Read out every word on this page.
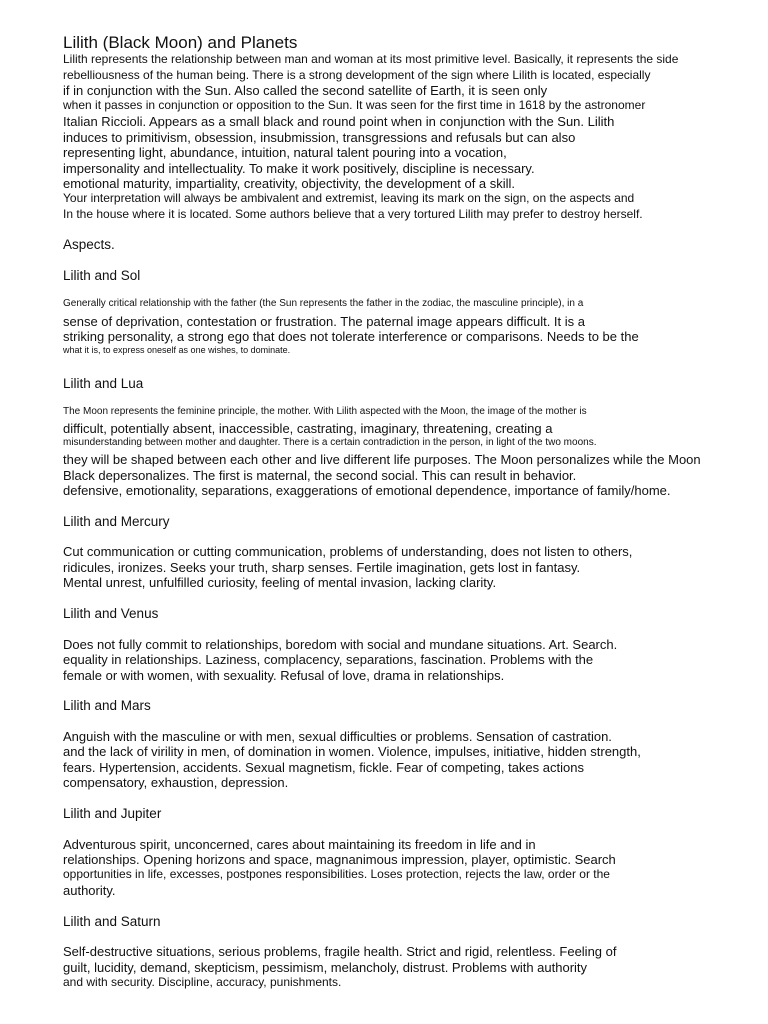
Lilith (Black Moon) and Planets
Lilith represents the relationship between man and woman at its most primitive level. Basically, it represents the side
rebelliousness of the human being. There is a strong development of the sign where Lilith is located, especially
if in conjunction with the Sun. Also called the second satellite of Earth, it is seen only
when it passes in conjunction or opposition to the Sun. It was seen for the first time in 1618 by the astronomer
Italian Riccioli. Appears as a small black and round point when in conjunction with the Sun. Lilith
induces to primitivism, obsession, insubmission, transgressions and refusals but can also
representing light, abundance, intuition, natural talent pouring into a vocation,
impersonality and intellectuality. To make it work positively, discipline is necessary.
emotional maturity, impartiality, creativity, objectivity, the development of a skill.
Your interpretation will always be ambivalent and extremist, leaving its mark on the sign, on the aspects and
In the house where it is located. Some authors believe that a very tortured Lilith may prefer to destroy herself.
Aspects.
Lilith and Sol
Generally critical relationship with the father (the Sun represents the father in the zodiac, the masculine principle), in a
sense of deprivation, contestation or frustration. The paternal image appears difficult. It is a
striking personality, a strong ego that does not tolerate interference or comparisons. Needs to be the
what it is, to express oneself as one wishes, to dominate.
Lilith and Lua
The Moon represents the feminine principle, the mother. With Lilith aspected with the Moon, the image of the mother is
difficult, potentially absent, inaccessible, castrating, imaginary, threatening, creating a
misunderstanding between mother and daughter. There is a certain contradiction in the person, in light of the two moons.
they will be shaped between each other and live different life purposes. The Moon personalizes while the Moon
Black depersonalizes. The first is maternal, the second social. This can result in behavior.
defensive, emotionality, separations, exaggerations of emotional dependence, importance of family/home.
Lilith and Mercury
Cut communication or cutting communication, problems of understanding, does not listen to others,
ridicules, ironizes. Seeks your truth, sharp senses. Fertile imagination, gets lost in fantasy.
Mental unrest, unfulfilled curiosity, feeling of mental invasion, lacking clarity.
Lilith and Venus
Does not fully commit to relationships, boredom with social and mundane situations. Art. Search.
equality in relationships. Laziness, complacency, separations, fascination. Problems with the
female or with women, with sexuality. Refusal of love, drama in relationships.
Lilith and Mars
Anguish with the masculine or with men, sexual difficulties or problems. Sensation of castration.
and the lack of virility in men, of domination in women. Violence, impulses, initiative, hidden strength,
fears. Hypertension, accidents. Sexual magnetism, fickle. Fear of competing, takes actions
compensatory, exhaustion, depression.
Lilith and Jupiter
Adventurous spirit, unconcerned, cares about maintaining its freedom in life and in
relationships. Opening horizons and space, magnanimous impression, player, optimistic. Search
opportunities in life, excesses, postpones responsibilities. Loses protection, rejects the law, order or the
authority.
Lilith and Saturn
Self-destructive situations, serious problems, fragile health. Strict and rigid, relentless. Feeling of
guilt, lucidity, demand, skepticism, pessimism, melancholy, distrust. Problems with authority
and with security. Discipline, accuracy, punishments.
